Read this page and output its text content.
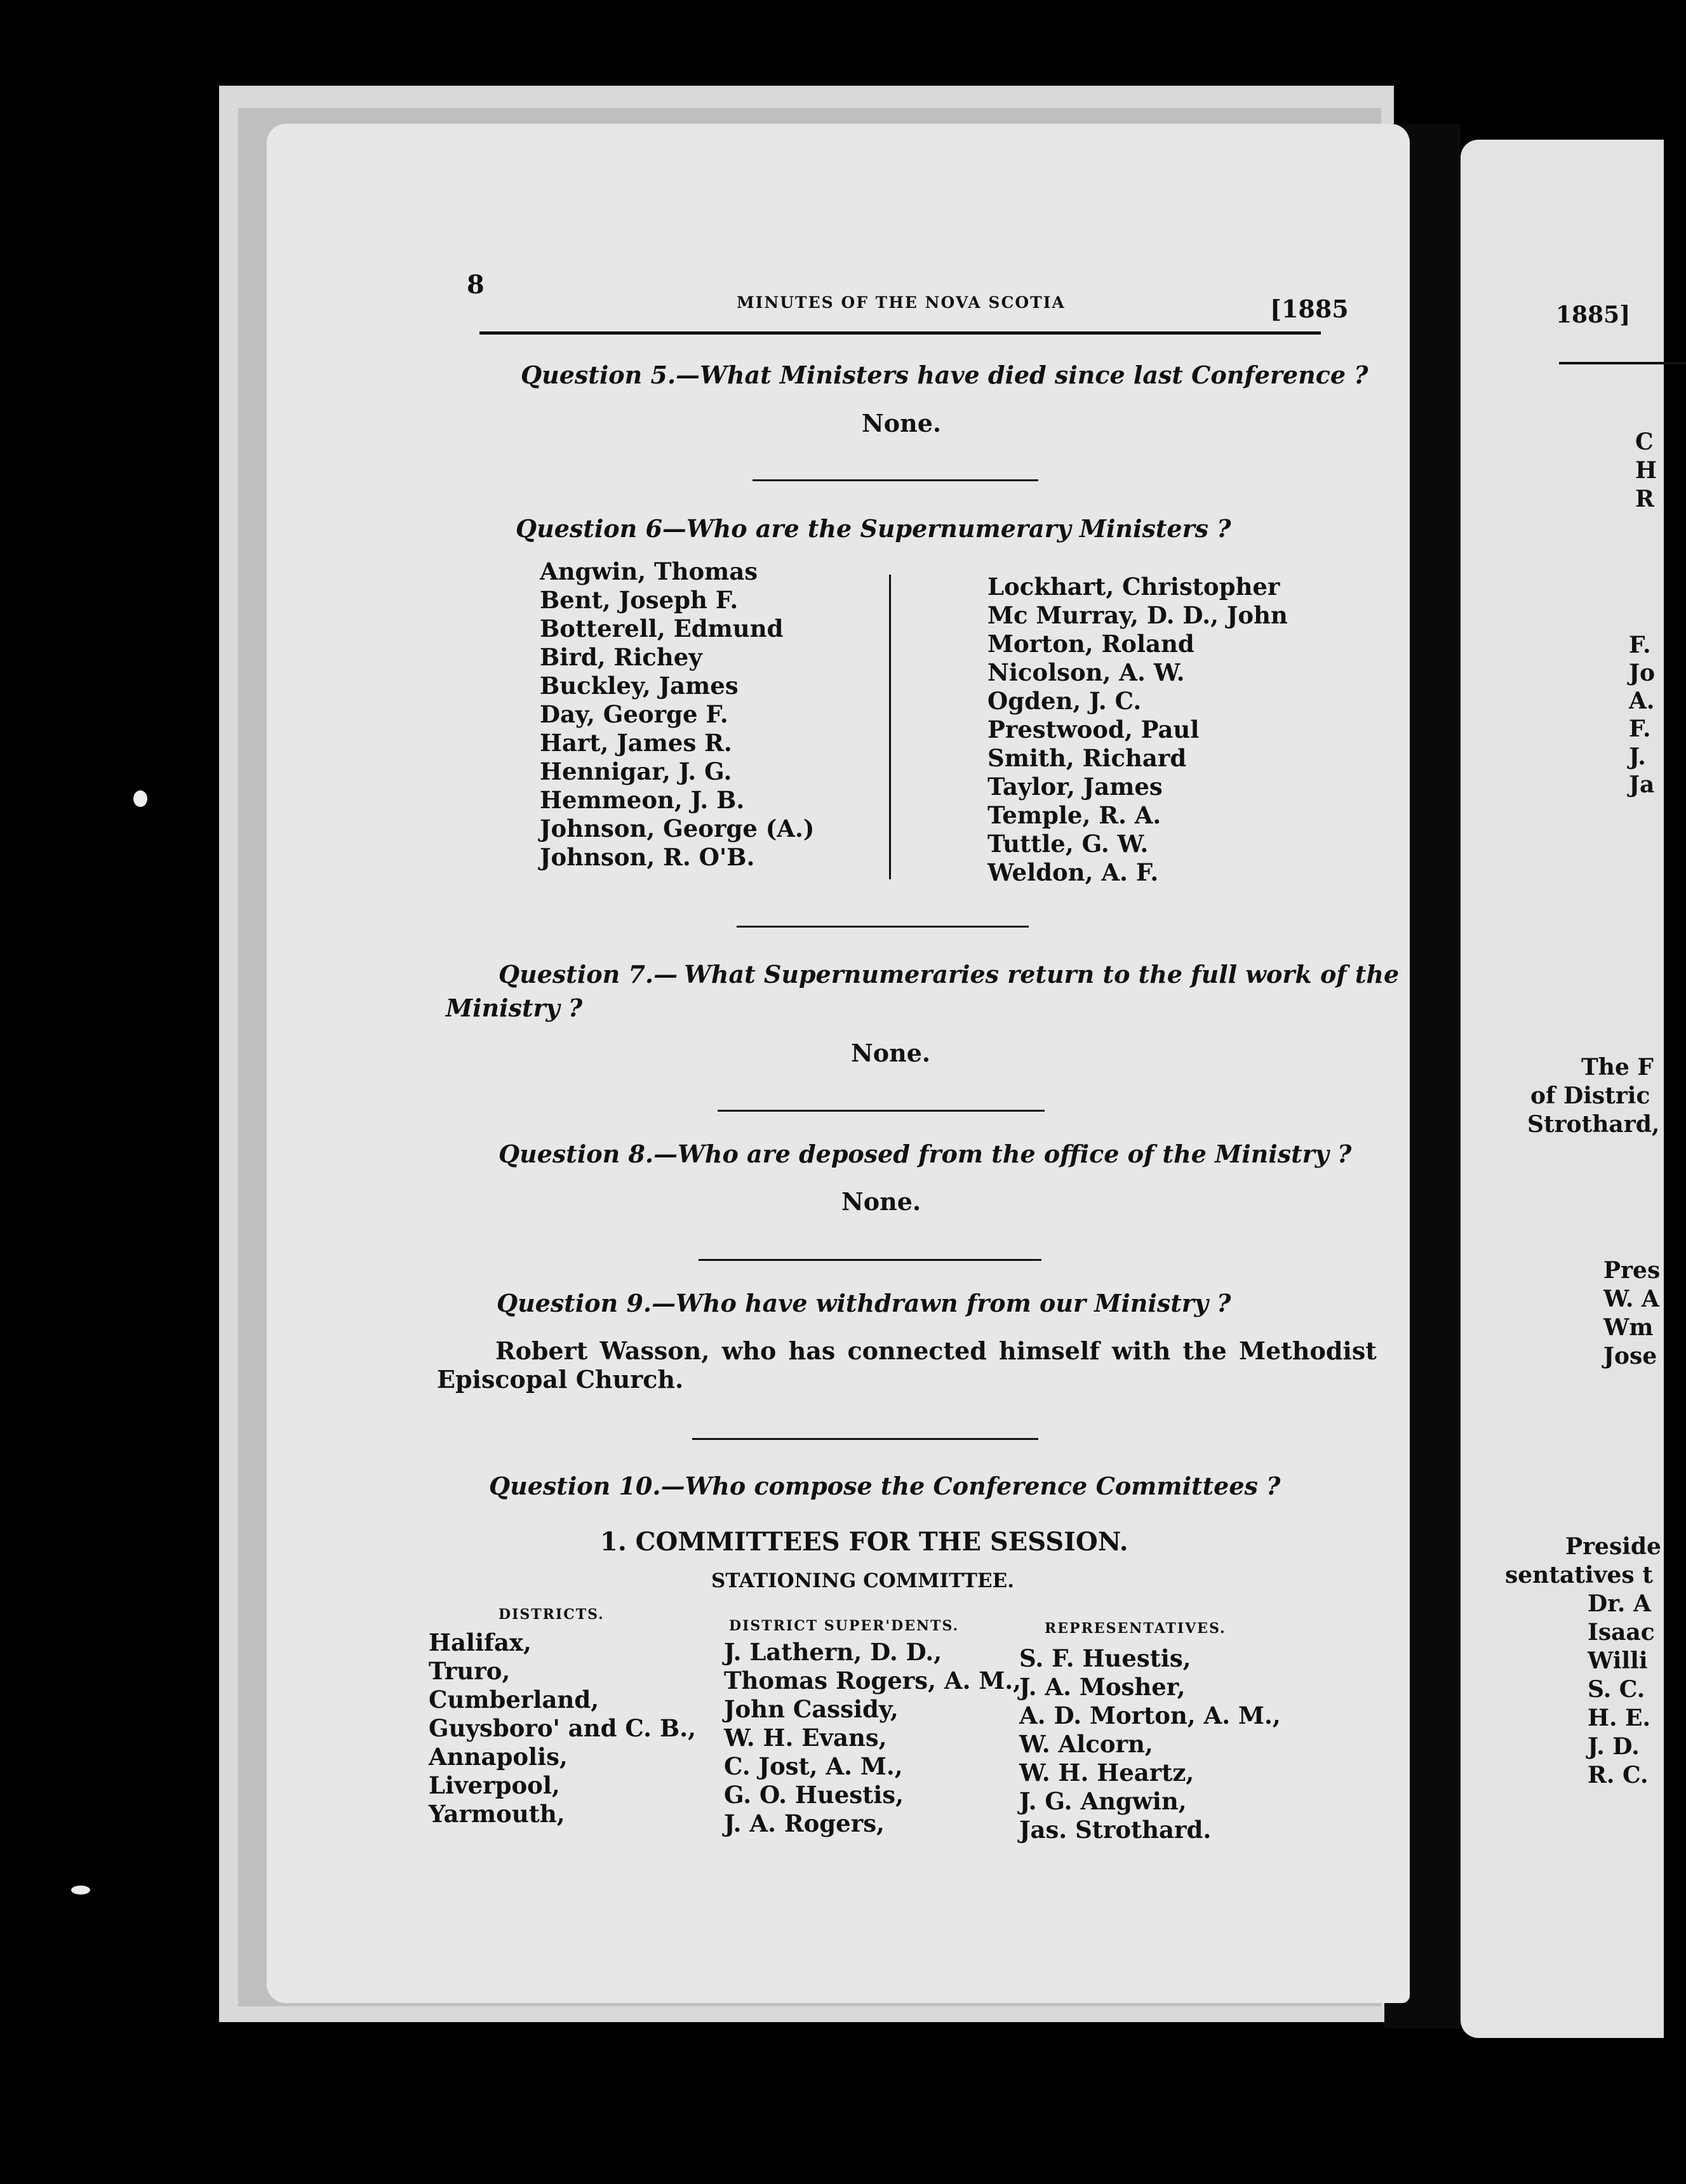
1885]
C
H
R
F.
Jo
A.
F.
J.
Ja
The F
of Distric
Strothard,
Pres
W. A
Wm
Jose
Preside
sentatives t
Dr. A
Isaac
Willi
S. C.
H. E.
J. D.
R. C.
8
MINUTES OF THE NOVA SCOTIA	[1885
Question 5.—What Ministers have died since last Conference ?
None.
Question 6—Who are the Supernumerary Ministers ?
Angwin, Thomas
Bent, Joseph F.
Botterell, Edmund
Bird, Richey
Buckley, James
Day, George F.
Hart, James R.
Hennigar, J. G.
Hemmeon, J. B.
Johnson, George (A.)
Johnson, R. O'B.
Lockhart, Christopher
Mc Murray, D. D., John
Morton, Roland
Nicolson, A. W.
Ogden, J. C.
Prestwood, Paul
Smith, Richard
Taylor, James
Temple, R. A.
Tuttle, G. W.
Weldon, A. F.
Question 7.— What Supernumeraries return to the full work of the
Ministry ?
None.
Question 8.—Who are deposed from the office of the Ministry ?
None.
Question 9.—Who have withdrawn from our Ministry ?
Robert Wasson, who has connected himself with the Methodist
Episcopal Church.
Question 10.—Who compose the Conference Committees ?
1. COMMITTEES FOR THE SESSION.
STATIONING COMMITTEE.
DISTRICTS.
DISTRICT SUPER'DENTS.	REPRESENTATIVES.
Halifax,
Truro,
Cumberland,
Guysboro' and C. B.,
Annapolis,
Liverpool,
Yarmouth,
J. Lathern, D. D.,
Thomas Rogers, A. M.,
John Cassidy,
W. H. Evans,
C. Jost, A. M.,
G. O. Huestis,
J. A. Rogers,
S. F. Huestis,
J. A. Mosher,
A. D. Morton, A. M.,
W. Alcorn,
W. H. Heartz,
J. G. Angwin,
Jas. Strothard.
